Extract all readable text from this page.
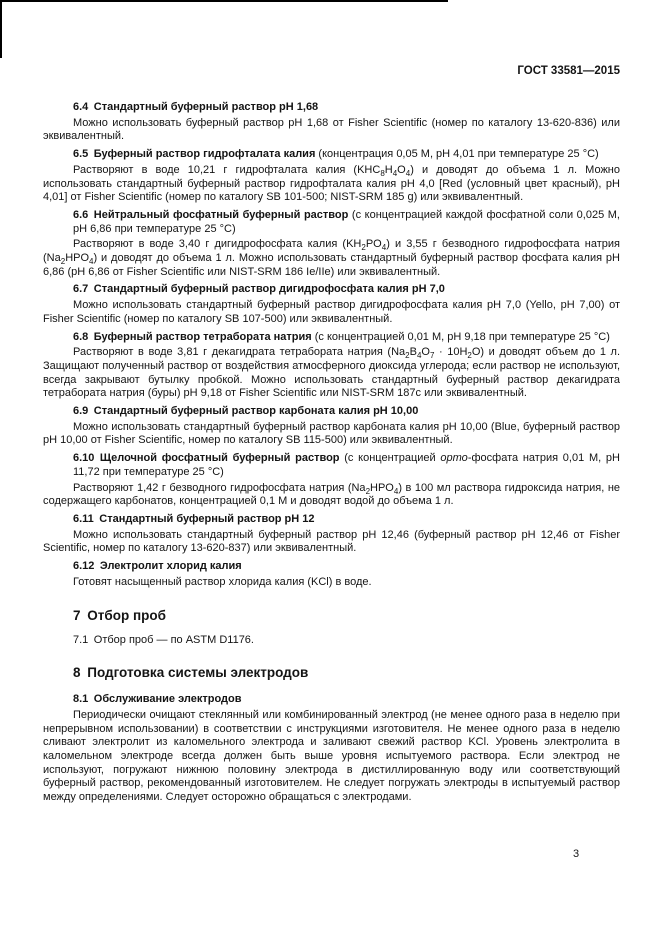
ГОСТ 33581—2015

6.4 Стандартный буферный раствор pH 1,68

Можно использовать буферный раствор pH 1,68 от Fisher Scientific (номер по каталогу 13-620-836) или эквивалентный.

6.5 Буферный раствор гидрофталата калия (концентрация 0,05 М, pH 4,01 при температуре 25 °C)

Растворяют в воде 10,21 г гидрофталата калия $(KHC_8H_4O_4)$ и доводят до объема 1 л. Можно использовать стандартный буферный раствор гидрофталата калия pH 4,0 [Red (условный цвет красный), pH 4,01] от Fisher Scientific (номер по каталогу SB 101-500; NIST-SRM 185 g) или эквивалентный.

6.6 Нейтральный фосфатный буферный раствор (с концентрацией каждой фосфатной соли 0,025 М, pH 6,86 при температуре 25 °C)

Растворяют в воде 3,40 г дигидрофосфата калия $(KH_2PO_4)$ и 3,55 г безводного гидрофосфата натрия $(Na_2HPO_4)$ и доводят до объема 1 л. Можно использовать стандартный буферный раствор фосфата калия pH 6,86 (pH 6,86 от Fisher Scientific или NIST-SRM 186 Ie/IIe) или эквивалентный.

6.7 Стандартный буферный раствор дигидрофосфата калия pH 7,0

Можно использовать стандартный буферный раствор дигидрофосфата калия pH 7,0 (Yello, pH 7,00) от Fisher Scientific (номер по каталогу SB 107-500) или эквивалентный.

6.8 Буферный раствор тетрабората натрия (с концентрацией 0,01 М, pH 9,18 при температуре 25 °C)

Растворяют в воде 3,81 г декагидрата тетрабората натрия $(Na_2B_4O_7 \cdot 10H_2O)$ и доводят объем до 1 л. Защищают полученный раствор от воздействия атмосферного диоксида углерода; если раствор не используют, всегда закрывают бутылку пробкой. Можно использовать стандартный буферный раствор декагидрата тетрабората натрия (буры) pH 9,18 от Fisher Scientific или NIST-SRM 187c или эквивалентный.

6.9 Стандартный буферный раствор карбоната калия pH 10,00

Можно использовать стандартный буферный раствор карбоната калия pH 10,00 (Blue, буферный раствор pH 10,00 от Fisher Scientific, номер по каталогу SB 115-500) или эквивалентный.

6.10 Щелочной фосфатный буферный раствор (с концентрацией орто-фосфата натрия 0,01 М, pH 11,72 при температуре 25 °C)

Растворяют 1,42 г безводного гидрофосфата натрия $(Na_2HPO_4)$ в 100 мл раствора гидроксида натрия, не содержащего карбонатов, концентрацией 0,1 М и доводят водой до объема 1 л.

6.11 Стандартный буферный раствор pH 12

Можно использовать стандартный буферный раствор pH 12,46 (буферный раствор pH 12,46 от Fisher Scientific, номер по каталогу 13-620-837) или эквивалентный.

6.12 Электролит хлорид калия

Готовят насыщенный раствор хлорида калия (KCl) в воде.

7 Отбор проб

7.1 Отбор проб — по ASTM D1176.

8 Подготовка системы электродов

8.1 Обслуживание электродов

Периодически очищают стеклянный или комбинированный электрод (не менее одного раза в неделю при непрерывном использовании) в соответствии с инструкциями изготовителя. Не менее одного раза в неделю сливают электролит из каломельного электрода и заливают свежий раствор KCl. Уровень электролита в каломельном электроде всегда должен быть выше уровня испытуемого раствора. Если электрод не используют, погружают нижнюю половину электрода в дистиллированную воду или соответствующий буферный раствор, рекомендованный изготовителем. Не следует погружать электроды в испытуемый раствор между определениями. Следует осторожно обращаться с электродами.

3
